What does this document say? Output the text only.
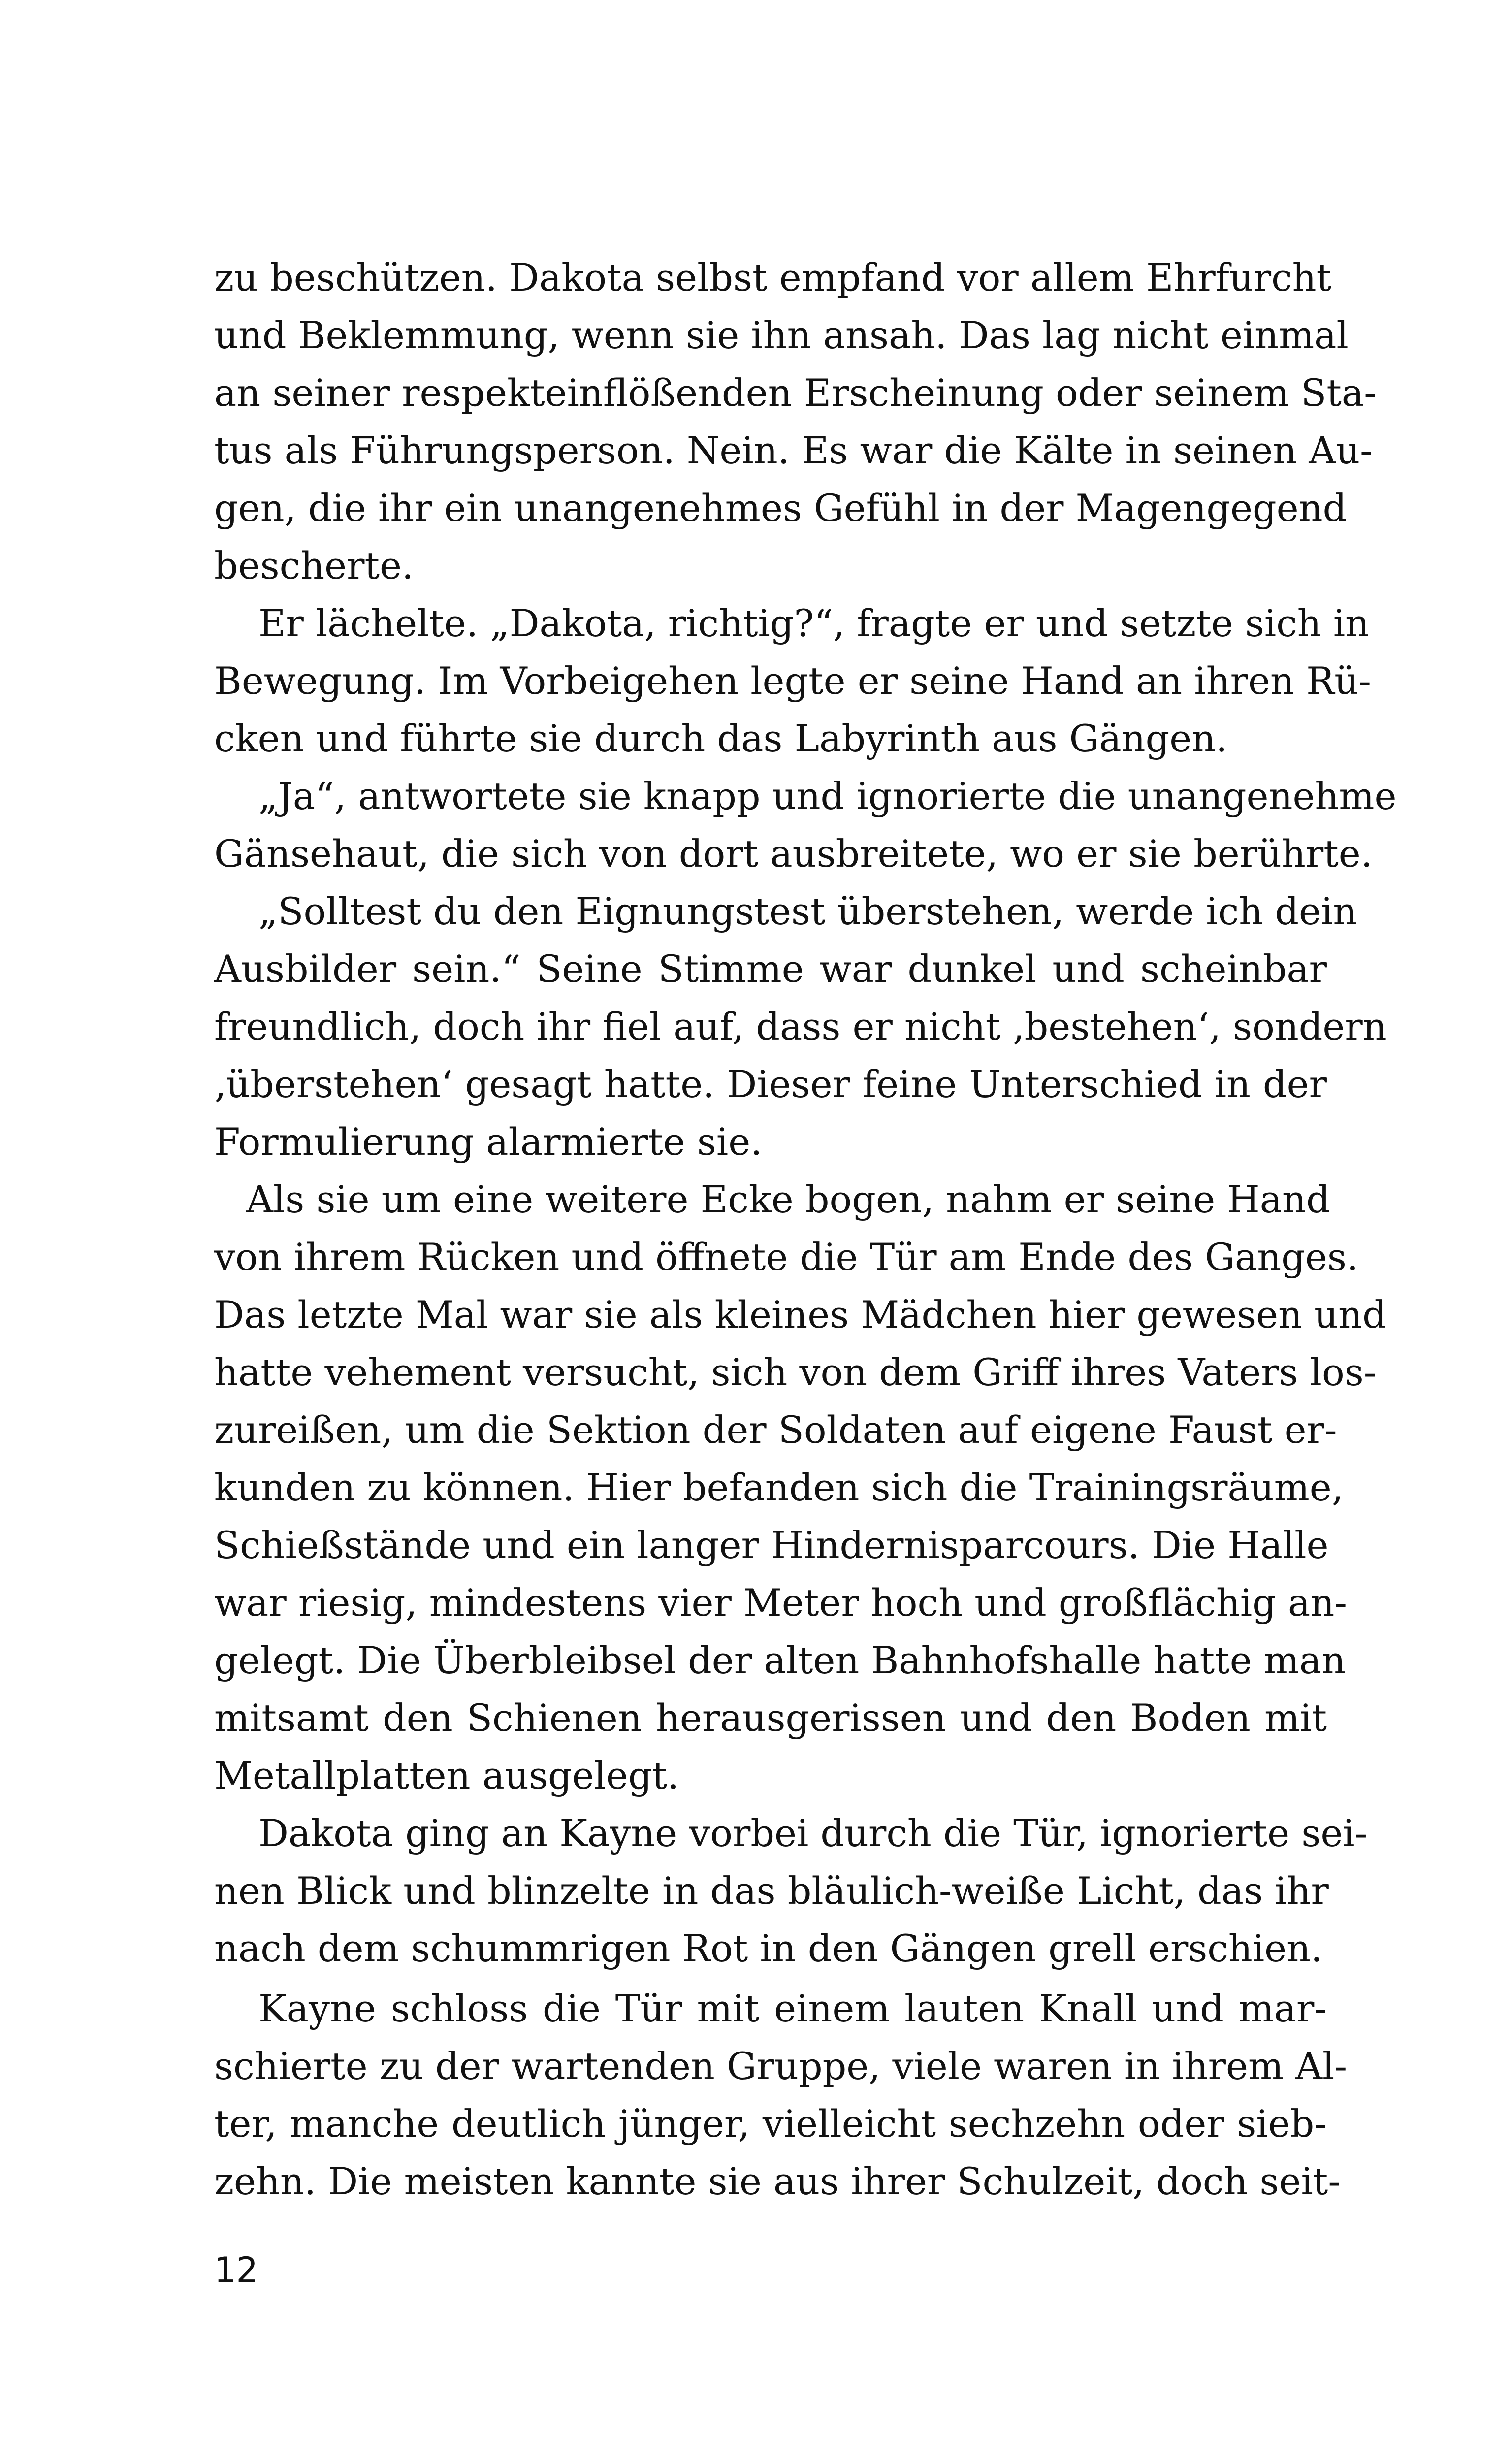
zu beschützen. Dakota selbst empfand vor allem Ehrfurcht
und Beklemmung, wenn sie ihn ansah. Das lag nicht einmal
an seiner respekteinflößenden Erscheinung oder seinem Sta-
tus als Führungsperson. Nein. Es war die Kälte in seinen Au-
gen, die ihr ein unangenehmes Gefühl in der Magengegend
bescherte.
Er lächelte. „Dakota, richtig?“, fragte er und setzte sich in
Bewegung. Im Vorbeigehen legte er seine Hand an ihren Rü-
cken und führte sie durch das Labyrinth aus Gängen.
„Ja“, antwortete sie knapp und ignorierte die unangenehme
Gänsehaut, die sich von dort ausbreitete, wo er sie berührte.
„Solltest du den Eignungstest überstehen, werde ich dein
Ausbilder sein.“ Seine Stimme war dunkel und scheinbar
freundlich, doch ihr fiel auf, dass er nicht ‚bestehen‘, sondern
‚überstehen‘ gesagt hatte. Dieser feine Unterschied in der
Formulierung alarmierte sie.
Als sie um eine weitere Ecke bogen, nahm er seine Hand
von ihrem Rücken und öffnete die Tür am Ende des Ganges.
Das letzte Mal war sie als kleines Mädchen hier gewesen und
hatte vehement versucht, sich von dem Griff ihres Vaters los-
zureißen, um die Sektion der Soldaten auf eigene Faust er-
kunden zu können. Hier befanden sich die Trainingsräume,
Schießstände und ein langer Hindernisparcours. Die Halle
war riesig, mindestens vier Meter hoch und großflächig an-
gelegt. Die Überbleibsel der alten Bahnhofshalle hatte man
mitsamt den Schienen herausgerissen und den Boden mit
Metallplatten ausgelegt.
Dakota ging an Kayne vorbei durch die Tür, ignorierte sei-
nen Blick und blinzelte in das bläulich-weiße Licht, das ihr
nach dem schummrigen Rot in den Gängen grell erschien.
Kayne schloss die Tür mit einem lauten Knall und mar-
schierte zu der wartenden Gruppe, viele waren in ihrem Al-
ter, manche deutlich jünger, vielleicht sechzehn oder sieb-
zehn. Die meisten kannte sie aus ihrer Schulzeit, doch seit-
12
